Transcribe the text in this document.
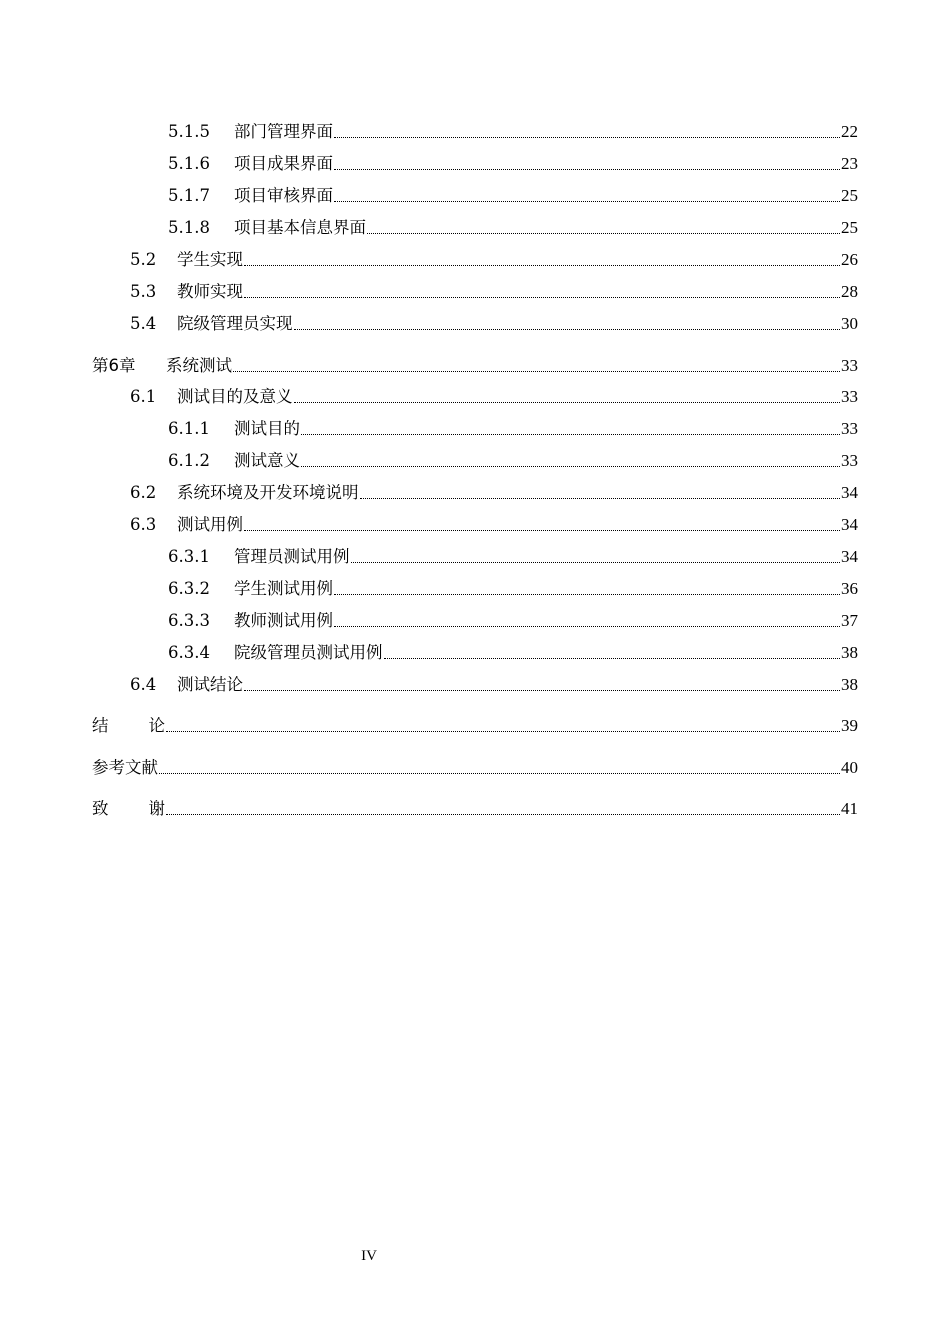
5.1.5 部门管理界面	22
5.1.6 项目成果界面	23
5.1.7 项目审核界面	25
5.1.8 项目基本信息界面	25
5.2 学生实现	26
5.3 教师实现	28
5.4 院级管理员实现	30
第6章 系统测试	33
6.1 测试目的及意义	33
6.1.1 测试目的	33
6.1.2 测试意义	33
6.2 系统环境及开发环境说明	34
6.3 测试用例	34
6.3.1 管理员测试用例	34
6.3.2 学生测试用例	36
6.3.3 教师测试用例	37
6.3.4 院级管理员测试用例	38
6.4 测试结论	38
结论	39
参考文献	40
致谢	41
IV
